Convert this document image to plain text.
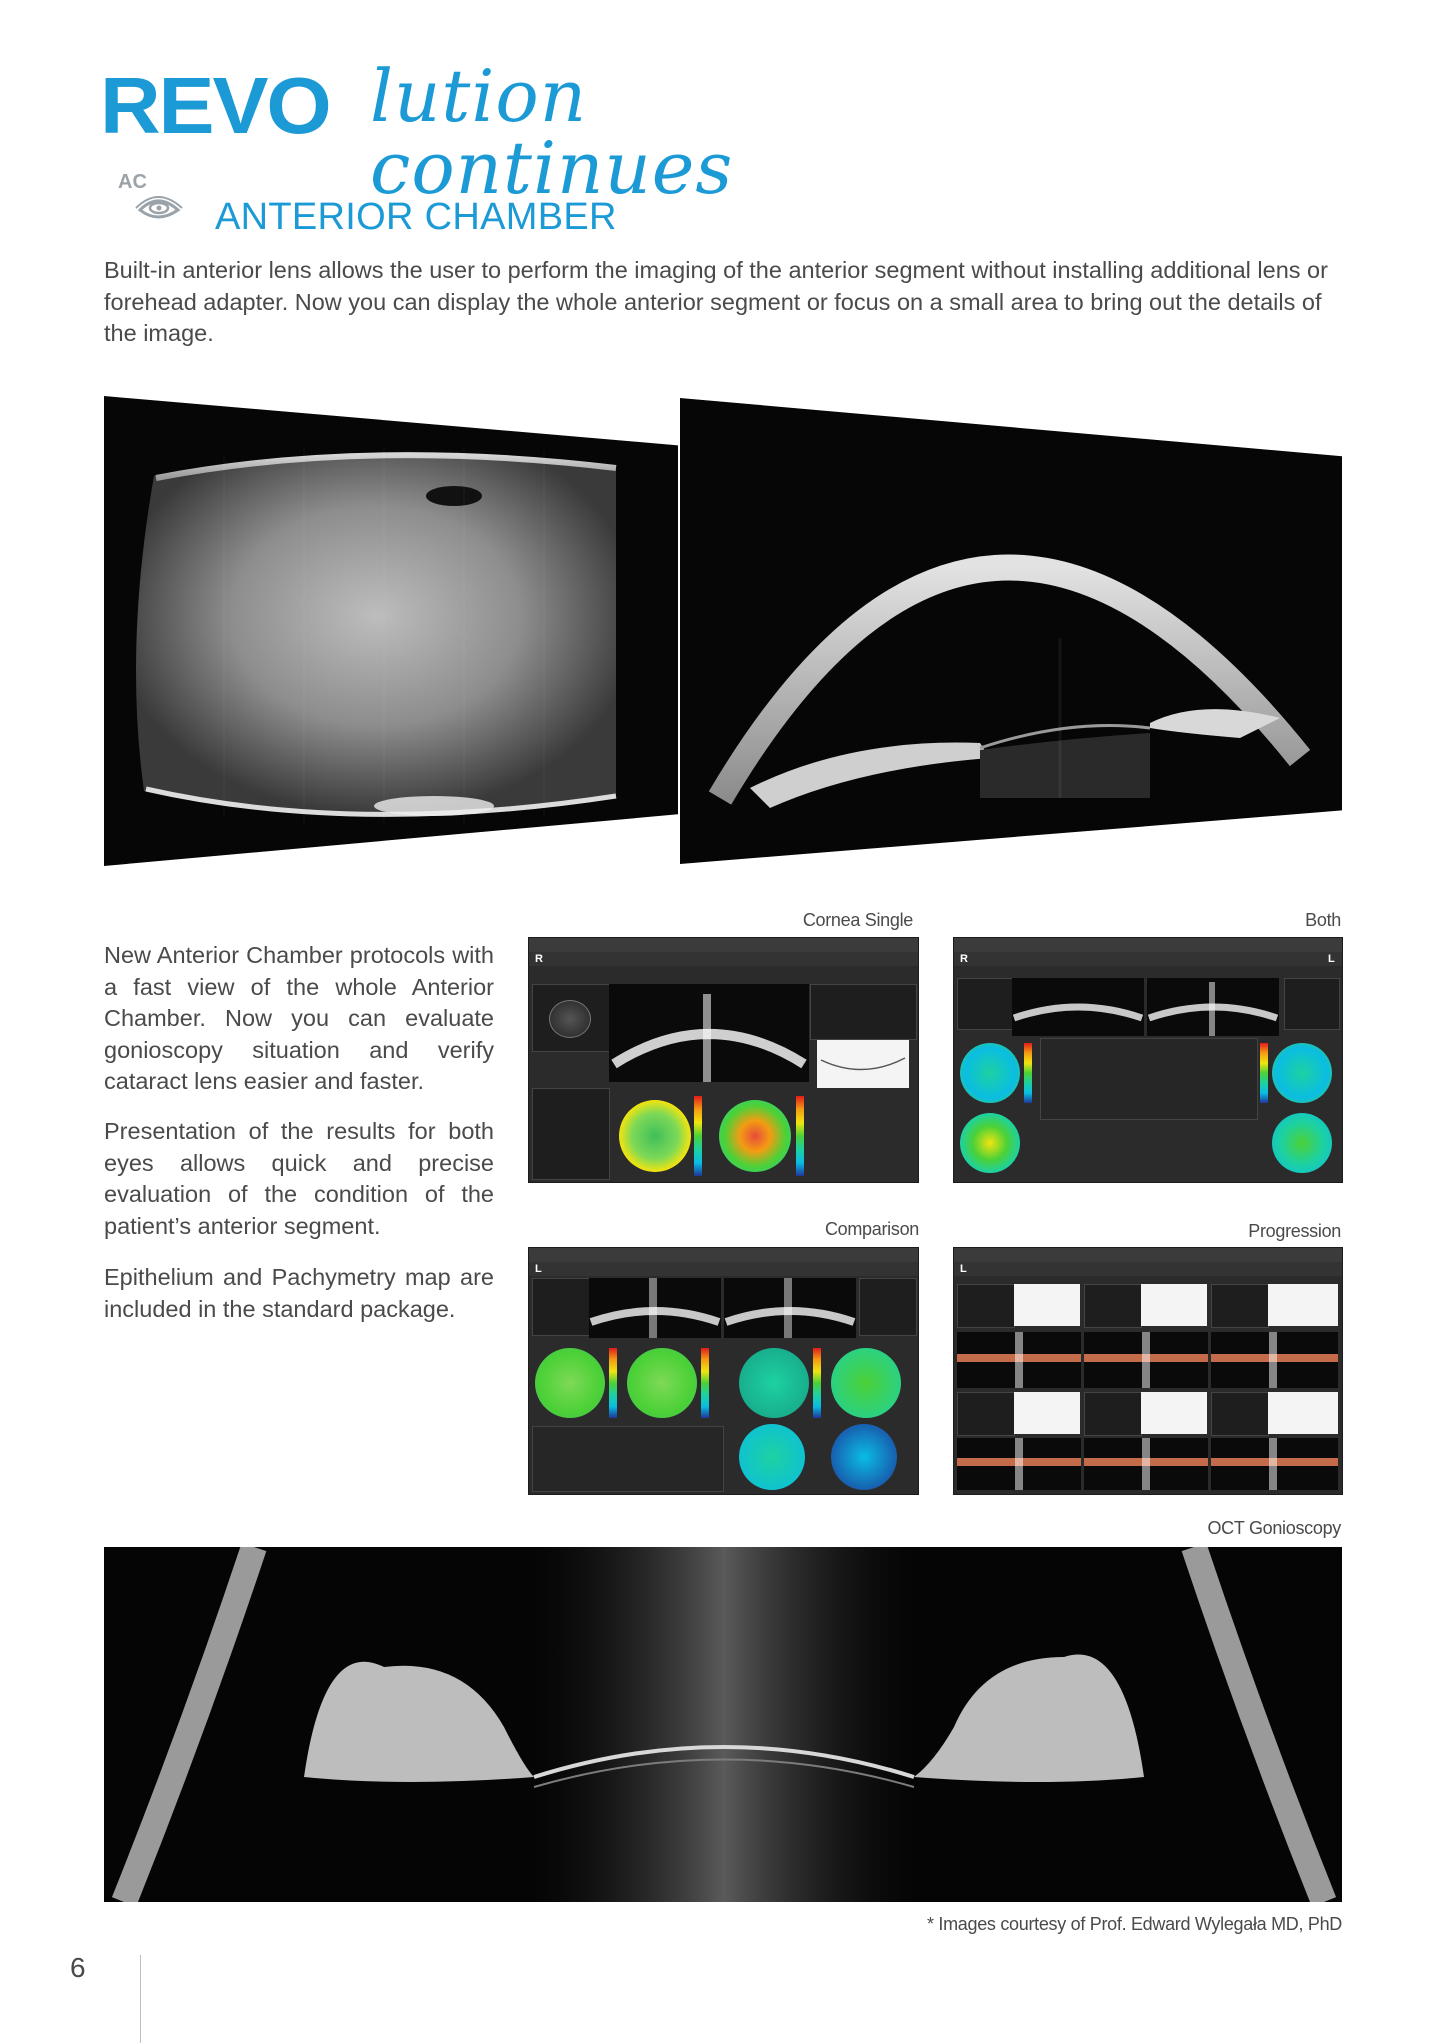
REVO lution continues
AC
ANTERIOR CHAMBER
Built-in anterior lens allows the user to perform the imaging of the anterior segment without installing additional lens or forehead adapter. Now you can display the whole anterior segment or focus on a small area to bring out the details of the image.
New Anterior Chamber protocols with a fast view of the whole Anterior Chamber. Now you can evaluate gonioscopy situation and verify cataract lens easier and faster.
Presentation of the results for both eyes allows quick and precise evaluation of the condition of the patient’s anterior segment.
Epithelium and Pachymetry map are included in the standard package.
Cornea Single
R
Both
R	L
Comparison
L
Progression
L
OCT Gonioscopy
* Images courtesy of Prof. Edward Wylegała MD, PhD
6
